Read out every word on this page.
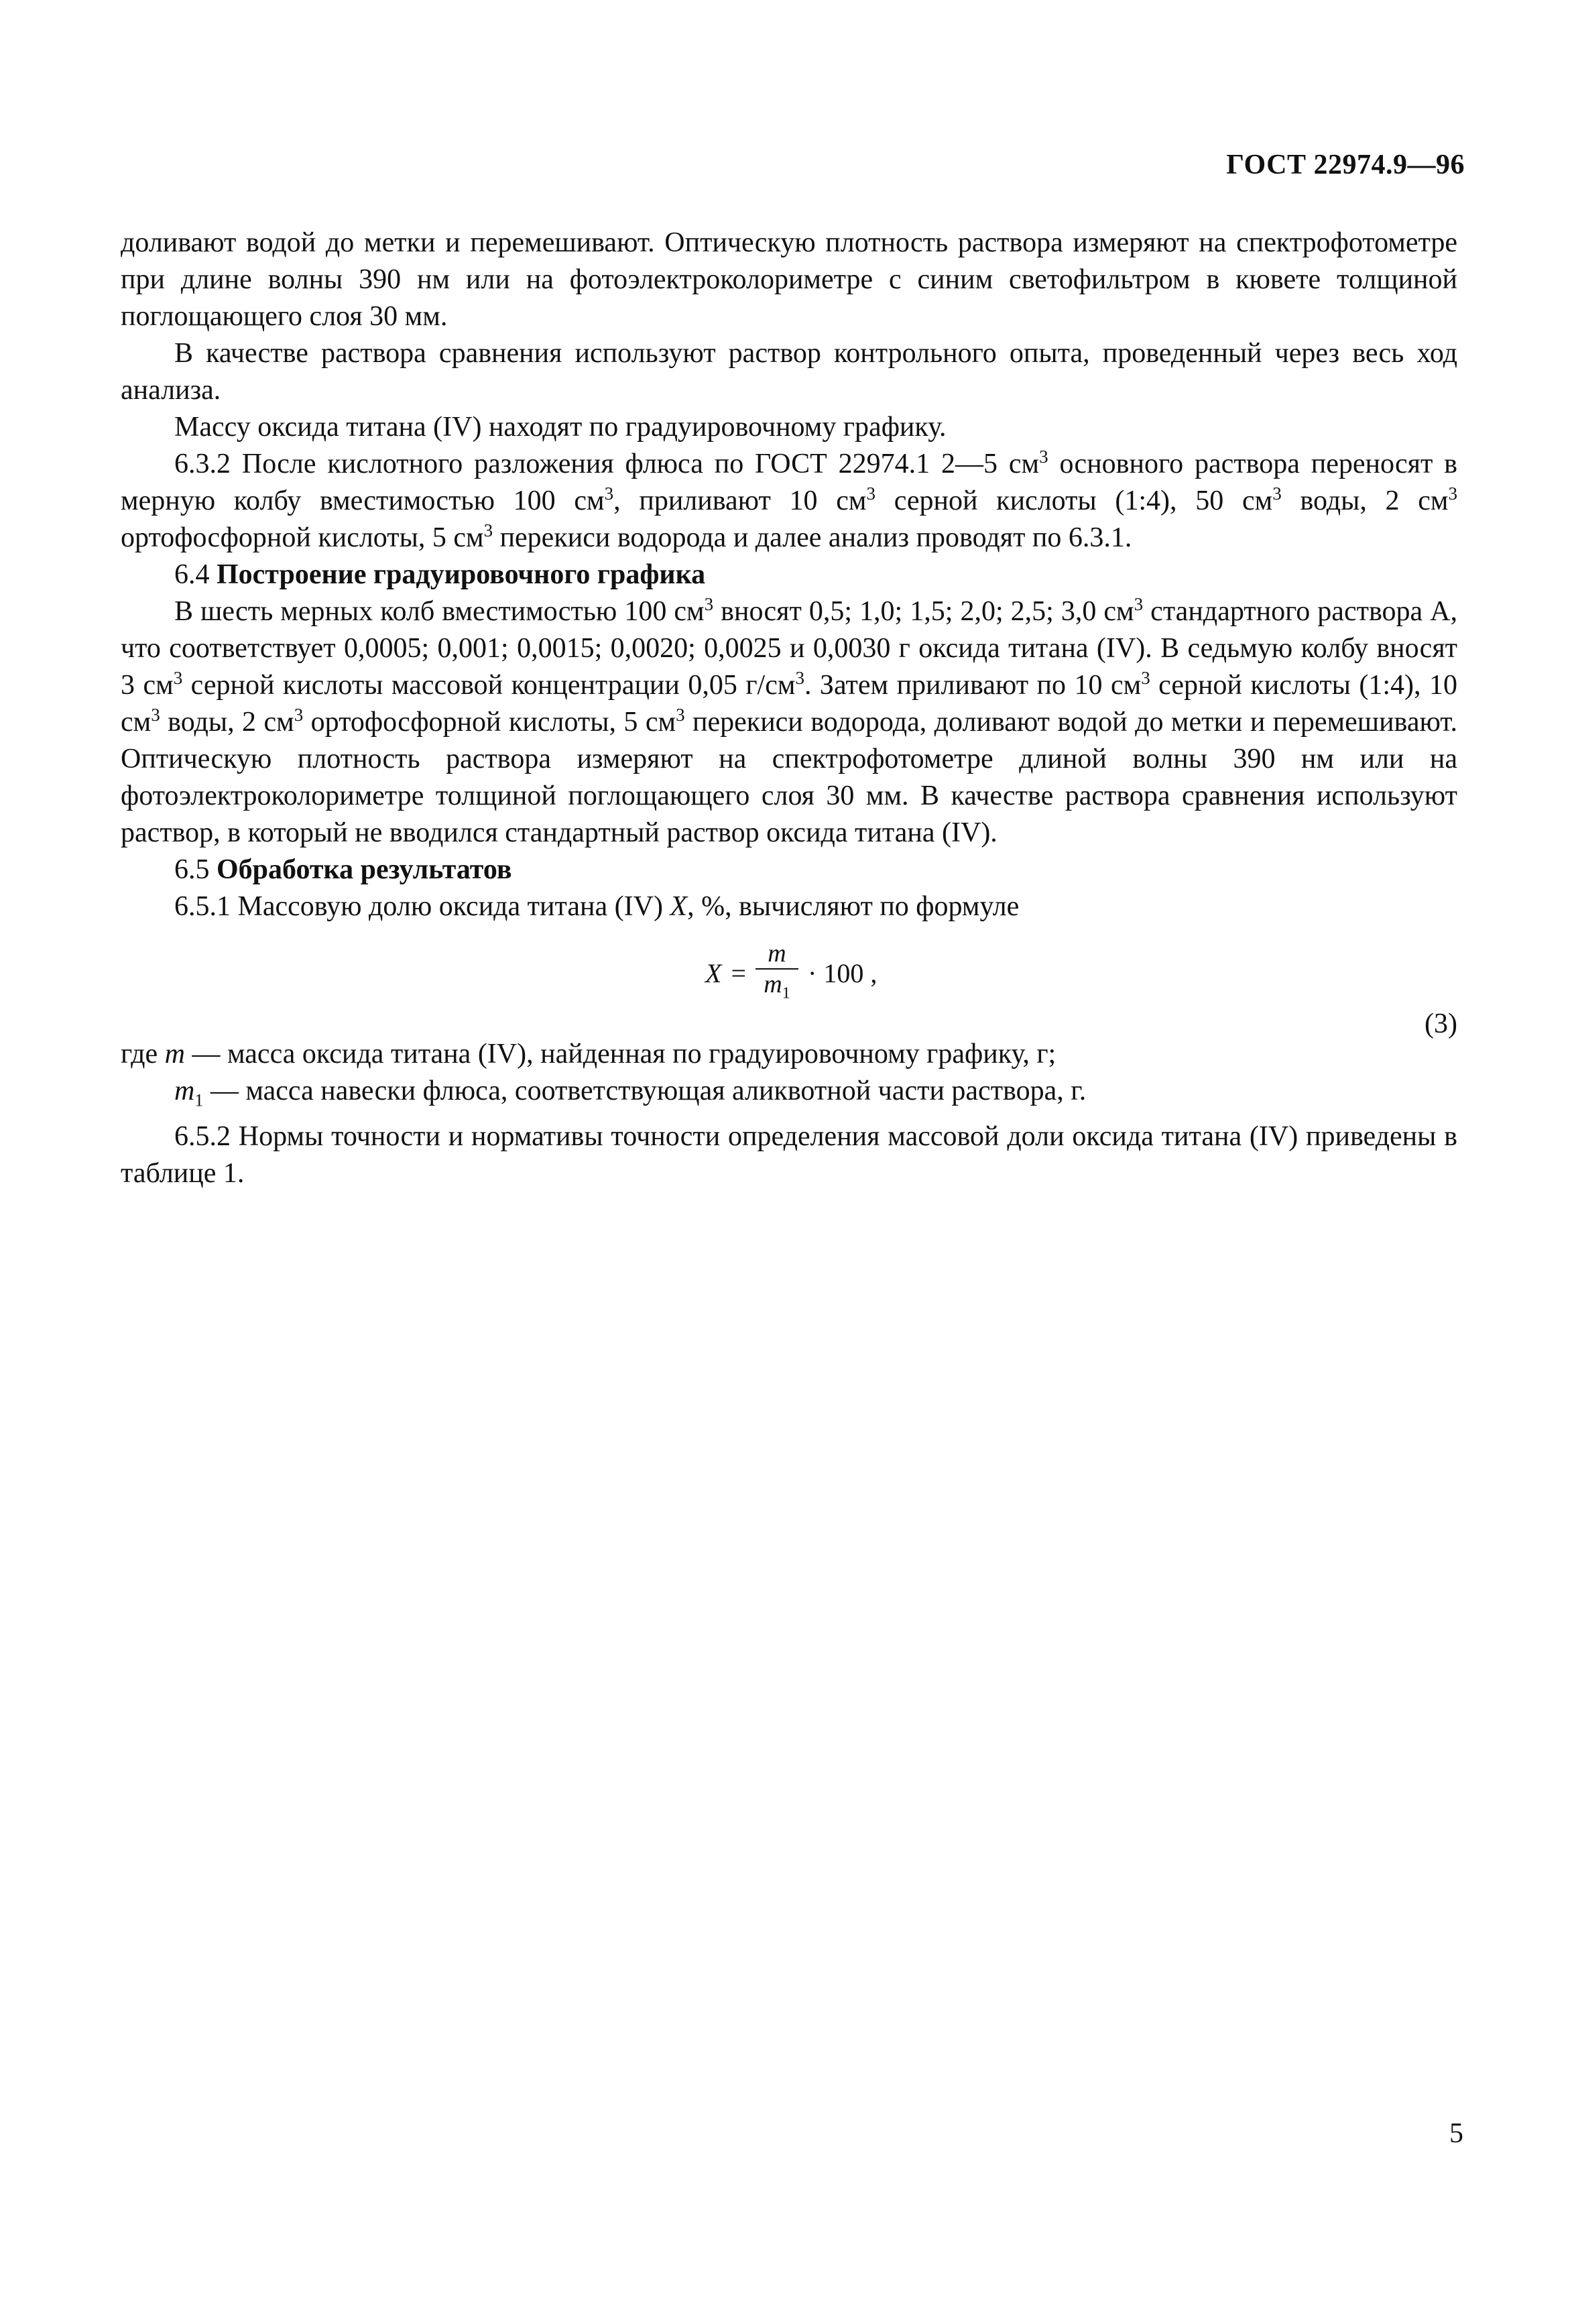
ГОСТ 22974.9—96

доливают водой до метки и перемешивают. Оптическую плотность раствора измеряют на спектрофотометре при длине волны 390 нм или на фотоэлектроколориметре с синим светофильтром в кювете толщиной поглощающего слоя 30 мм.

В качестве раствора сравнения используют раствор контрольного опыта, проведенный через весь ход анализа.

Массу оксида титана (IV) находят по градуировочному графику.

6.3.2 После кислотного разложения флюса по ГОСТ 22974.1 2—5 $см^3$ основного раствора переносят в мерную колбу вместимостью 100 $см^3$, приливают 10 $см^3$ серной кислоты (1:4), 50 $см^3$ воды, 2 $см^3$ ортофосфорной кислоты, 5 $см^3$ перекиси водорода и далее анализ проводят по 6.3.1.

6.4 Построение градуировочного графика

В шесть мерных колб вместимостью 100 $см^3$ вносят 0,5; 1,0; 1,5; 2,0; 2,5; 3,0 $см^3$ стандартного раствора А, что соответствует 0,0005; 0,001; 0,0015; 0,0020; 0,0025 и 0,0030 г оксида титана (IV). В седьмую колбу вносят 3 $см^3$ серной кислоты массовой концентрации 0,05 $г/см^3$. Затем приливают по 10 $см^3$ серной кислоты (1:4), 10 $см^3$ воды, 2 $см^3$ ортофосфорной кислоты, 5 $см^3$ перекиси водорода, доливают водой до метки и перемешивают. Оптическую плотность раствора измеряют на спектрофотометре длиной волны 390 нм или на фотоэлектроколориметре толщиной поглощающего слоя 30 мм. В качестве раствора сравнения используют раствор, в который не вводился стандартный раствор оксида титана (IV).

6.5 Обработка результатов

6.5.1 Массовую долю оксида титана (IV) X, %, вычисляют по формуле

$X = \frac{m}{m_1} \cdot 100$ ,
(3)

где m — масса оксида титана (IV), найденная по градуировочному графику, г;

$m_1$ — масса навески флюса, соответствующая аликвотной части раствора, г.

6.5.2 Нормы точности и нормативы точности определения массовой доли оксида титана (IV) приведены в таблице 1.

5
